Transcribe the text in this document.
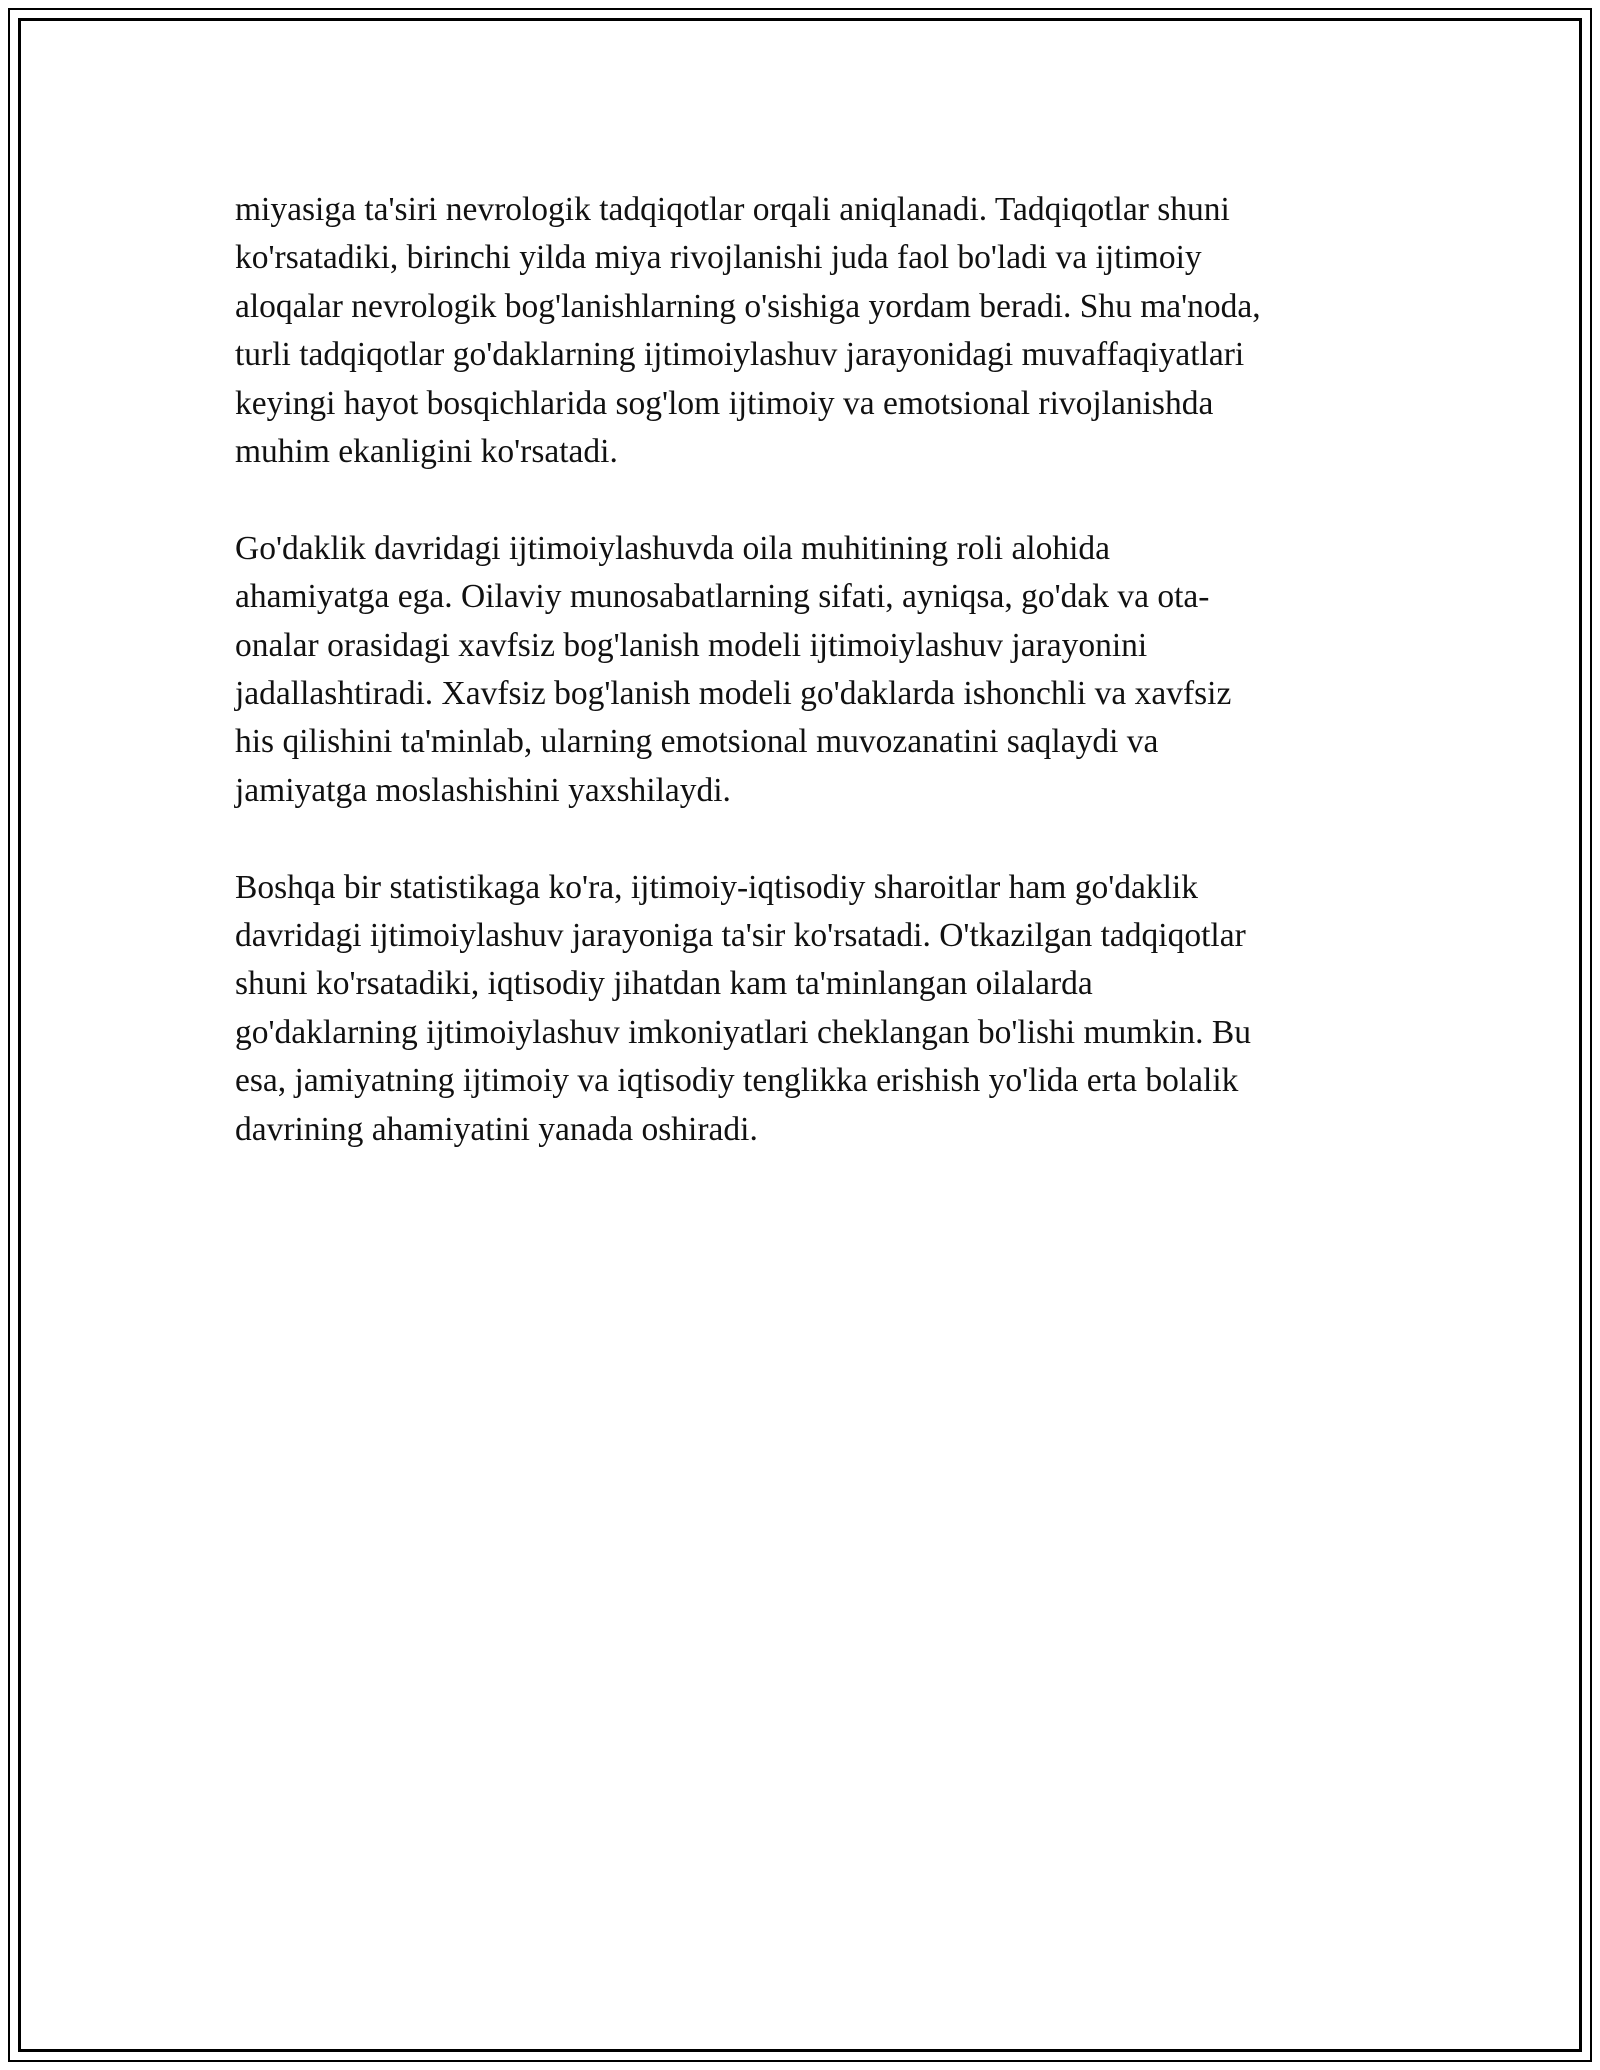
miyasiga ta'siri nevrologik tadqiqotlar orqali aniqlanadi. Tadqiqotlar shuni
ko'rsatadiki, birinchi yilda miya rivojlanishi juda faol bo'ladi va ijtimoiy
aloqalar nevrologik bog'lanishlarning o'sishiga yordam beradi. Shu ma'noda,
turli tadqiqotlar go'daklarning ijtimoiylashuv jarayonidagi muvaffaqiyatlari
keyingi hayot bosqichlarida sog'lom ijtimoiy va emotsional rivojlanishda
muhim ekanligini ko'rsatadi.

Go'daklik davridagi ijtimoiylashuvda oila muhitining roli alohida
ahamiyatga ega. Oilaviy munosabatlarning sifati, ayniqsa, go'dak va ota-
onalar orasidagi xavfsiz bog'lanish modeli ijtimoiylashuv jarayonini
jadallashtiradi. Xavfsiz bog'lanish modeli go'daklarda ishonchli va xavfsiz
his qilishini ta'minlab, ularning emotsional muvozanatini saqlaydi va
jamiyatga moslashishini yaxshilaydi.

Boshqa bir statistikaga ko'ra, ijtimoiy-iqtisodiy sharoitlar ham go'daklik
davridagi ijtimoiylashuv jarayoniga ta'sir ko'rsatadi. O'tkazilgan tadqiqotlar
shuni ko'rsatadiki, iqtisodiy jihatdan kam ta'minlangan oilalarda
go'daklarning ijtimoiylashuv imkoniyatlari cheklangan bo'lishi mumkin. Bu
esa, jamiyatning ijtimoiy va iqtisodiy tenglikka erishish yo'lida erta bolalik
davrining ahamiyatini yanada oshiradi.
